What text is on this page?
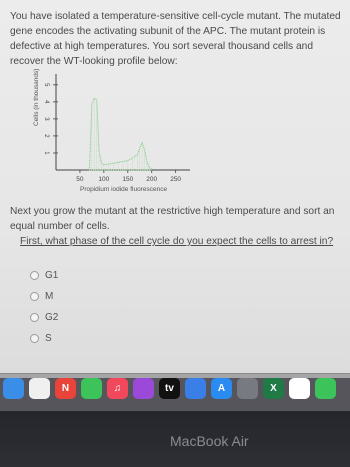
You have isolated a temperature-sensitive cell-cycle mutant. The mutated gene encodes the activating subunit of the APC. The mutant protein is defective at high temperatures. You sort several thousand cells and recover the WT-looking profile below:
1
2
3
4
5
50 100 150 200 250
Cells (in thousands)
Propidium iodide fluorescence
Next you grow the mutant at the restrictive high temperature and sort an equal number of cells.
First, what phase of the cell cycle do you expect the cells to arrest in?
G1
M
G2
S
N	♫	tv	A	X
MacBook Air
